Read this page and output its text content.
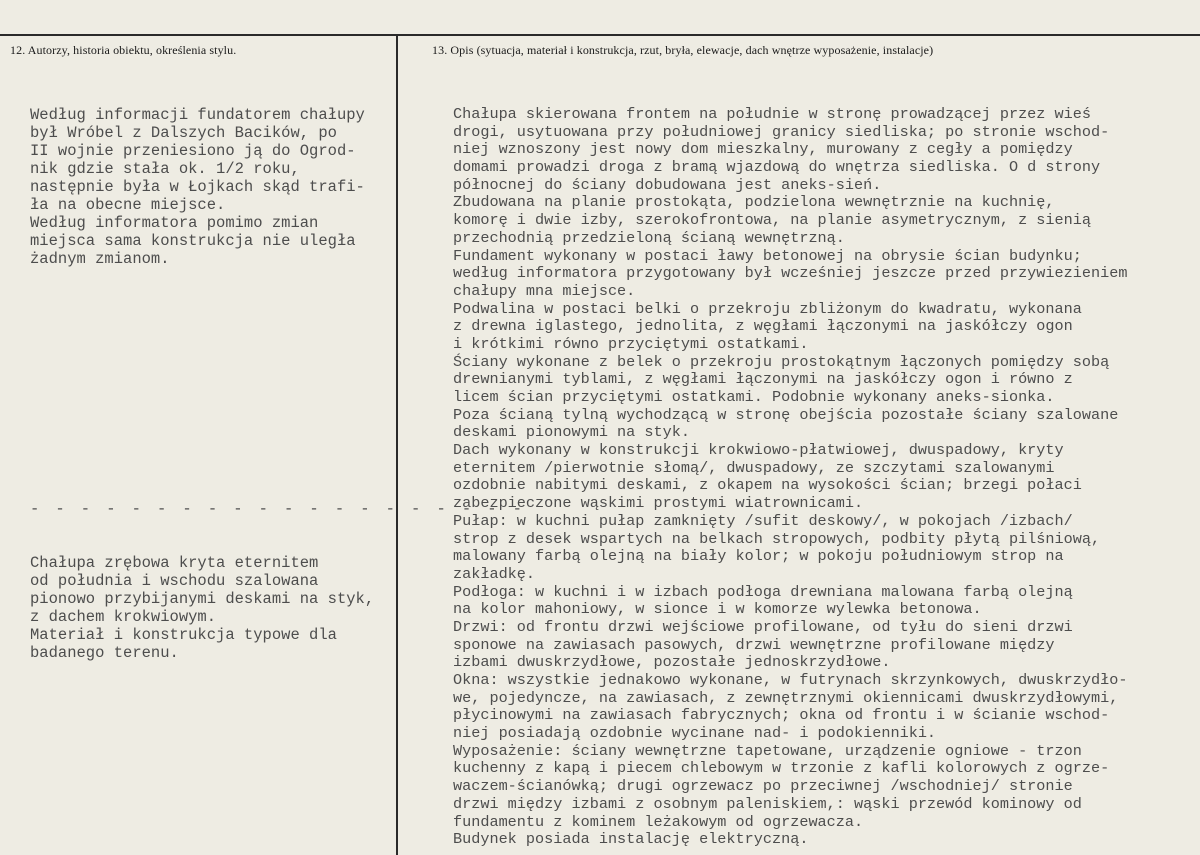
12. Autorzy, historia obiektu, określenia stylu.	13. Opis (sytuacja, materiał i konstrukcja, rzut, bryła, elewacje, dach wnętrze wyposażenie, instalacje)
Według informacji fundatorem chałupy
był Wróbel z Dalszych Bacików, po
II wojnie przeniesiono ją do Ogrod-
nik gdzie stała ok. 1/2 roku,
następnie była w Łojkach skąd trafi-
ła na obecne miejsce.
Według informatora pomimo zmian
miejsca sama konstrukcja nie uległa
żadnym zmianom.
- - - - - - - - - - - - - - - - - - - -
Chałupa zrębowa kryta eternitem
od południa i wschodu szalowana
pionowo przybijanymi deskami na styk,
z dachem krokwiowym.
Materiał i konstrukcja typowe dla
badanego terenu.
Chałupa skierowana frontem na południe w stronę prowadzącej przez wieś
drogi, usytuowana przy południowej granicy siedliska; po stronie wschod-
niej wznoszony jest nowy dom mieszkalny, murowany z cegły a pomiędzy
domami prowadzi droga z bramą wjazdową do wnętrza siedliska. O d strony
północnej do ściany dobudowana jest aneks-sień.
Zbudowana na planie prostokąta, podzielona wewnętrznie na kuchnię,
komorę i dwie izby, szerokofrontowa, na planie asymetrycznym, z sienią
przechodnią przedzieloną ścianą wewnętrzną.
Fundament wykonany w postaci ławy betonowej na obrysie ścian budynku;
według informatora przygotowany był wcześniej jeszcze przed przywiezieniem
chałupy mna miejsce.
Podwalina w postaci belki o przekroju zbliżonym do kwadratu, wykonana
z drewna iglastego, jednolita, z węgłami łączonymi na jaskółczy ogon
i krótkimi równo przyciętymi ostatkami.
Ściany wykonane z belek o przekroju prostokątnym łączonych pomiędzy sobą
drewnianymi tyblami, z węgłami łączonymi na jaskółczy ogon i równo z
licem ścian przyciętymi ostatkami. Podobnie wykonany aneks-sionka.
Poza ścianą tylną wychodzącą w stronę obejścia pozostałe ściany szalowane
deskami pionowymi na styk.
Dach wykonany w konstrukcji krokwiowo-płatwiowej, dwuspadowy, kryty
eternitem /pierwotnie słomą/, dwuspadowy, ze szczytami szalowanymi
ozdobnie nabitymi deskami, z okapem na wysokości ścian; brzegi połaci
zabezpieczone wąskimi prostymi wiatrownicami.
Pułap: w kuchni pułap zamknięty /sufit deskowy/, w pokojach /izbach/
strop z desek wspartych na belkach stropowych, podbity płytą pilśniową,
malowany farbą olejną na biały kolor; w pokoju południowym strop na
zakładkę.
Podłoga: w kuchni i w izbach podłoga drewniana malowana farbą olejną
na kolor mahoniowy, w sionce i w komorze wylewka betonowa.
Drzwi: od frontu drzwi wejściowe profilowane, od tyłu do sieni drzwi
sponowe na zawiasach pasowych, drzwi wewnętrzne profilowane między
izbami dwuskrzydłowe, pozostałe jednoskrzydłowe.
Okna: wszystkie jednakowo wykonane, w futrynach skrzynkowych, dwuskrzydło-
we, pojedyncze, na zawiasach, z zewnętrznymi okiennicami dwuskrzydłowymi,
płycinowymi na zawiasach fabrycznych; okna od frontu i w ścianie wschod-
niej posiadają ozdobnie wycinane nad- i podokienniki.
Wyposażenie: ściany wewnętrzne tapetowane, urządzenie ogniowe - trzon
kuchenny z kapą i piecem chlebowym w trzonie z kafli kolorowych z ogrze-
waczem-ścianówką; drugi ogrzewacz po przeciwnej /wschodniej/ stronie
drzwi między izbami z osobnym paleniskiem,: wąski przewód kominowy od
fundamentu z kominem leżakowym od ogrzewacza.
Budynek posiada instalację elektryczną.
